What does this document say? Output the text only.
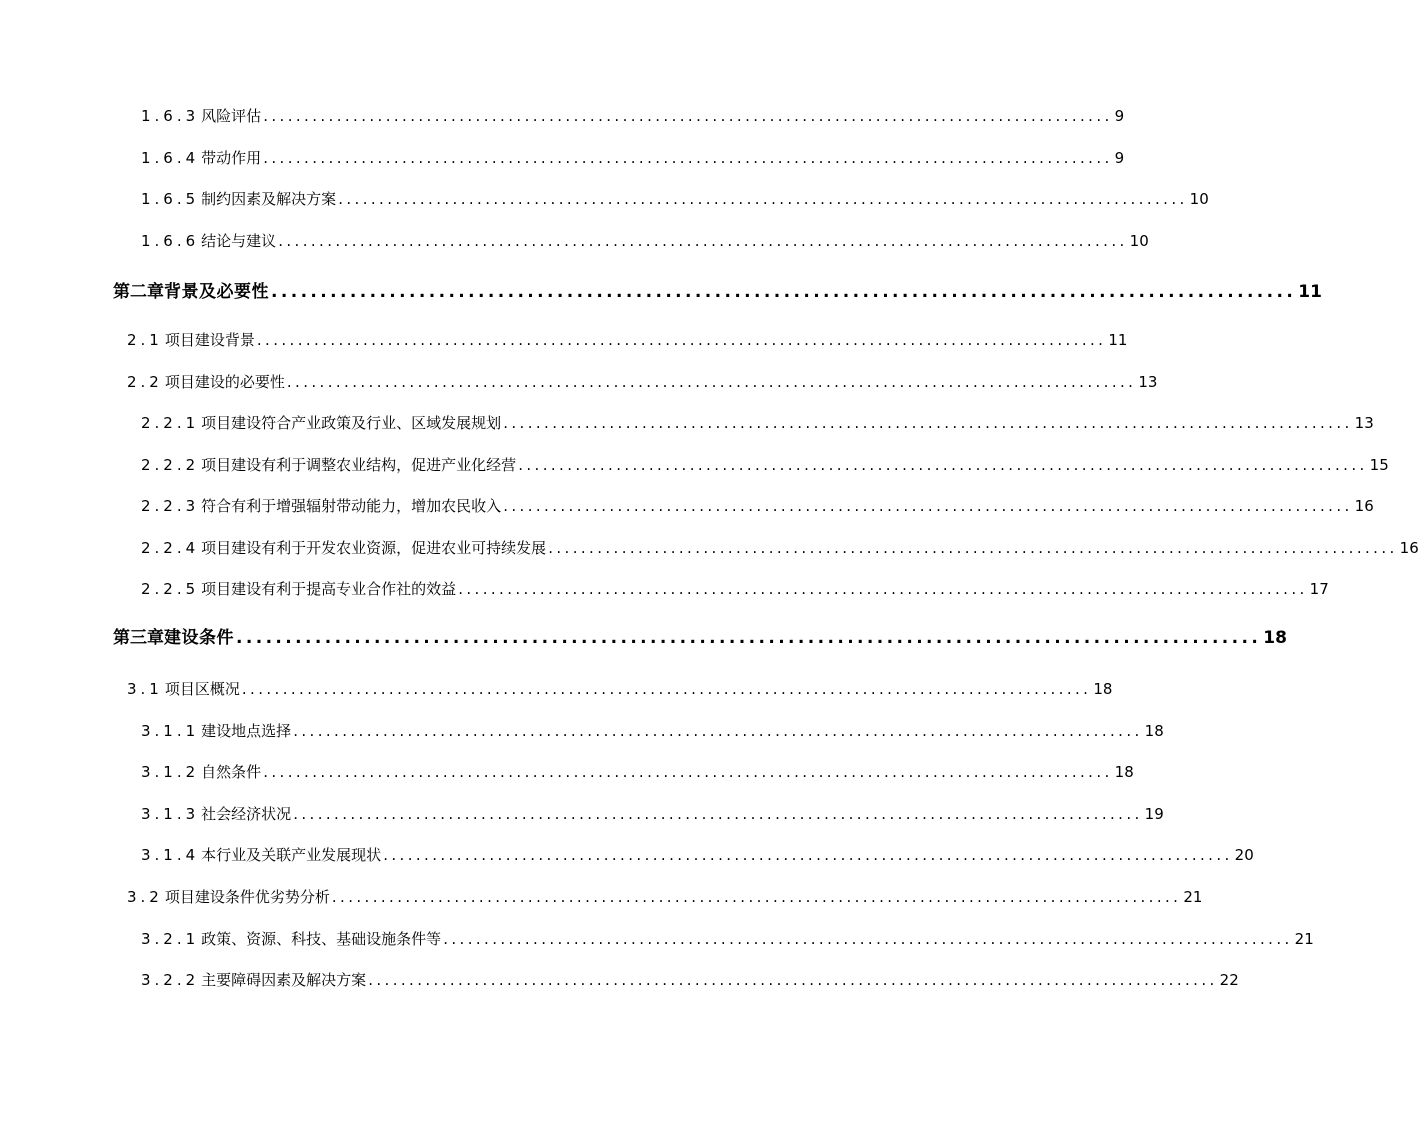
1.6.3 风险评估 ........................................................................................................ 9
1.6.4 带动作用 ........................................................................................................ 9
1.6.5 制约因素及解决方案 ........................................................................................................ 10
1.6.6 结论与建议 ........................................................................................................ 10
第二章 背景及必要性 ........................................................................................................ 11
2.1 项目建设背景 ........................................................................................................ 11
2.2 项目建设的必要性 ........................................................................................................ 13
2.2.1 项目建设符合产业政策及行业、区域发展规划 ........................................................................................................ 13
2.2.2 项目建设有利于调整农业结构，促进产业化经营 ........................................................................................................ 15
2.2.3 符合有利于增强辐射带动能力，增加农民收入 ........................................................................................................ 16
2.2.4 项目建设有利于开发农业资源，促进农业可持续发展 ........................................................................................................ 16
2.2.5 项目建设有利于提高专业合作社的效益 ........................................................................................................ 17
第三章 建设条件 ........................................................................................................ 18
3.1 项目区概况 ........................................................................................................ 18
3.1.1 建设地点选择 ........................................................................................................ 18
3.1.2 自然条件 ........................................................................................................ 18
3.1.3 社会经济状况 ........................................................................................................ 19
3.1.4 本行业及关联产业发展现状 ........................................................................................................ 20
3.2 项目建设条件优劣势分析 ........................................................................................................ 21
3.2.1 政策、资源、科技、基础设施条件等 ........................................................................................................ 21
3.2.2 主要障碍因素及解决方案 ........................................................................................................ 22
